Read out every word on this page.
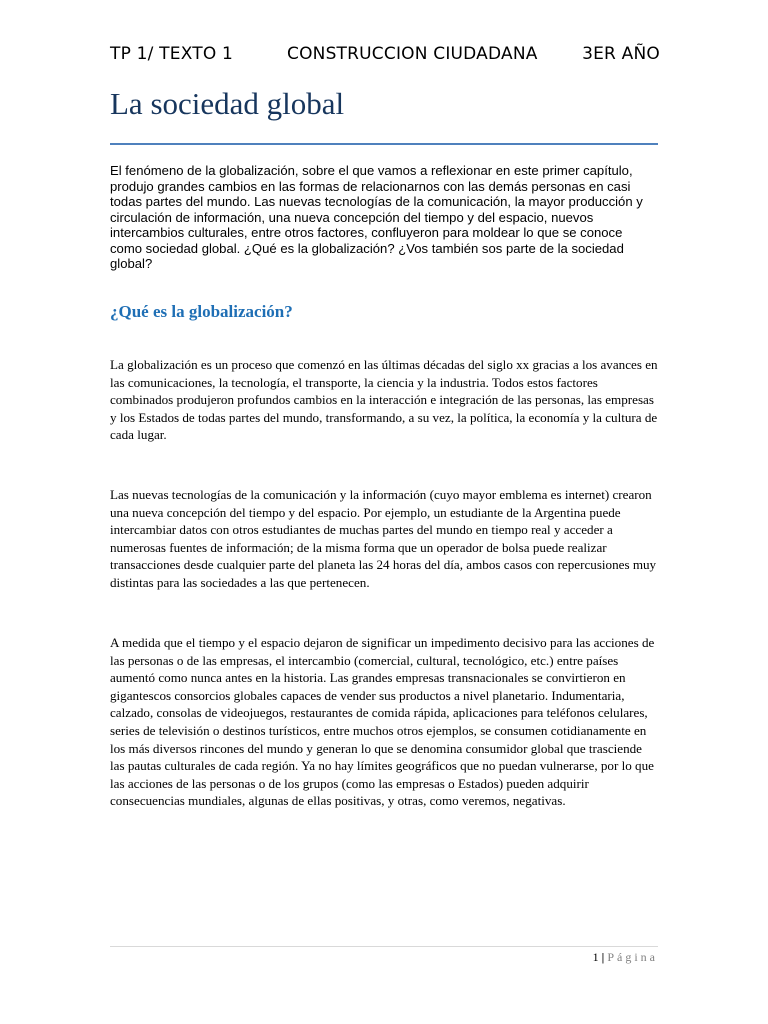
TP 1/ TEXTO 1	CONSTRUCCION CIUDADANA	3ER AÑO
La sociedad global
El fenómeno de la globalización, sobre el que vamos a reflexionar en este primer capítulo, produjo grandes cambios en las formas de relacionarnos con las demás personas en casi todas partes del mundo. Las nuevas tecnologías de la comunicación, la mayor producción y circulación de información, una nueva concepción del tiempo y del espacio, nuevos intercambios culturales, entre otros factores, confluyeron para moldear lo que se conoce como sociedad global. ¿Qué es la globalización? ¿Vos también sos parte de la sociedad global?
¿Qué es la globalización?
La globalización es un proceso que comenzó en las últimas décadas del siglo xx gracias a los avances en las comunicaciones, la tecnología, el transporte, la ciencia y la industria. Todos estos factores combinados produjeron profundos cambios en la interacción e integración de las personas, las empresas y los Estados de todas partes del mundo, transformando, a su vez, la política, la economía y la cultura de cada lugar.
Las nuevas tecnologías de la comunicación y la información (cuyo mayor emblema es internet) crearon una nueva concepción del tiempo y del espacio. Por ejemplo, un estudiante de la Argentina puede intercambiar datos con otros estudiantes de muchas partes del mundo en tiempo real y acceder a numerosas fuentes de información; de la misma forma que un operador de bolsa puede realizar transacciones desde cualquier parte del planeta las 24 horas del día, ambos casos con repercusiones muy distintas para las sociedades a las que pertenecen.
A medida que el tiempo y el espacio dejaron de significar un impedimento decisivo para las acciones de las personas o de las empresas, el intercambio (comercial, cultural, tecnológico, etc.) entre países aumentó como nunca antes en la historia. Las grandes empresas transnacionales se convirtieron en gigantescos consorcios globales capaces de vender sus productos a nivel planetario. Indumentaria, calzado, consolas de videojuegos, restaurantes de comida rápida, aplicaciones para teléfonos celulares, series de televisión o destinos turísticos, entre muchos otros ejemplos, se consumen cotidianamente en los más diversos rincones del mundo y generan lo que se denomina consumidor global que trasciende las pautas culturales de cada región. Ya no hay límites geográficos que no puedan vulnerarse, por lo que las acciones de las personas o de los grupos (como las empresas o Estados) pueden adquirir consecuencias mundiales, algunas de ellas positivas, y otras, como veremos, negativas.
1 | Página
